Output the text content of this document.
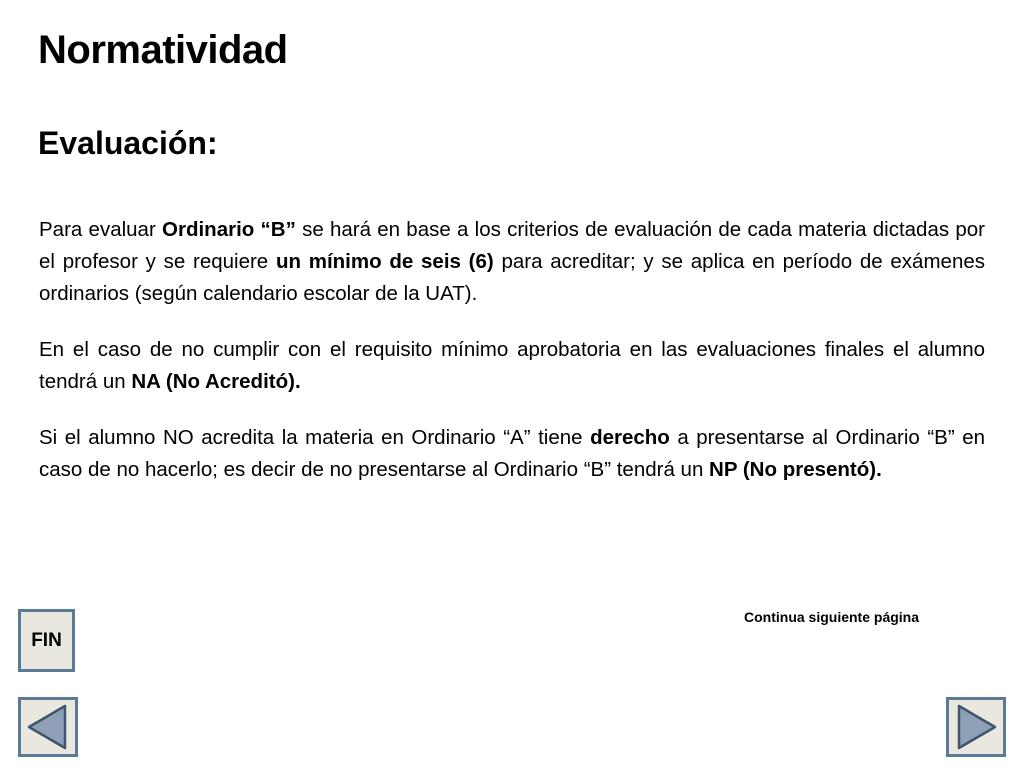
Normatividad
Evaluación:

Para evaluar Ordinario “B” se hará en base a los criterios de evaluación de cada materia dictadas por el profesor y se requiere un mínimo de seis (6) para acreditar; y se aplica en período de exámenes ordinarios (según calendario escolar de la UAT).

En el caso de no cumplir con el requisito mínimo aprobatoria en las evaluaciones finales el alumno tendrá un NA (No Acreditó).

Si el alumno NO acredita la materia en Ordinario “A” tiene derecho a presentarse al Ordinario “B” en caso de no hacerlo; es decir de no presentarse al Ordinario “B” tendrá un NP (No presentó).

Continua siguiente página
FIN
